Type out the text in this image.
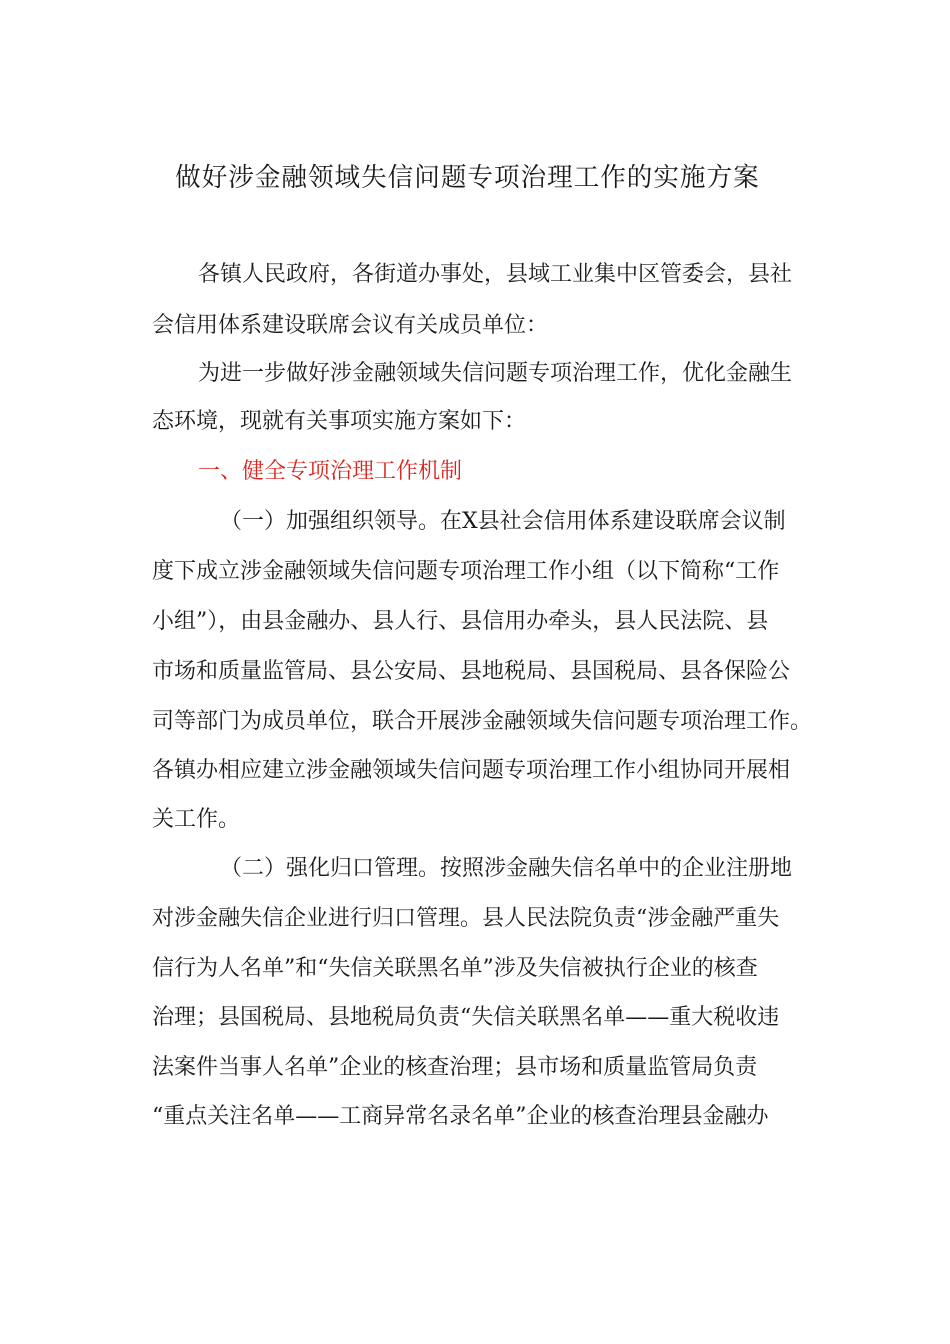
做好涉金融领域失信问题专项治理工作的实施方案
各镇人民政府，各街道办事处，县域工业集中区管委会，县社
会信用体系建设联席会议有关成员单位：
为进一步做好涉金融领域失信问题专项治理工作，优化金融生
态环境，现就有关事项实施方案如下：
一、健全专项治理工作机制
（一）加强组织领导。在X县社会信用体系建设联席会议制
度下成立涉金融领域失信问题专项治理工作小组（以下简称“工作
小组”），由县金融办、县人行、县信用办牵头，县人民法院、县
市场和质量监管局、县公安局、县地税局、县国税局、县各保险公
司等部门为成员单位，联合开展涉金融领域失信问题专项治理工作。
各镇办相应建立涉金融领域失信问题专项治理工作小组协同开展相
关工作。
（二）强化归口管理。按照涉金融失信名单中的企业注册地
对涉金融失信企业进行归口管理。县人民法院负责“涉金融严重失
信行为人名单”和“失信关联黑名单”涉及失信被执行企业的核查
治理；县国税局、县地税局负责“失信关联黑名单——重大税收违
法案件当事人名单”企业的核查治理；县市场和质量监管局负责
“重点关注名单——工商异常名录名单”企业的核查治理县金融办
